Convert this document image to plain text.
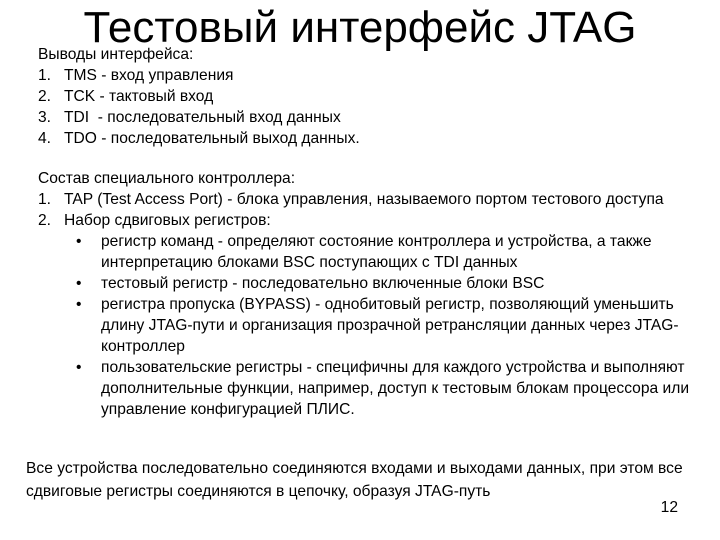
Тестовый интерфейс JTAG
Выводы интерфейса:
1. TMS - вход управления
2. TCK - тактовый вход
3. TDI  - последовательный вход данных
4. TDO - последовательный выход данных.
Состав специального контроллера:
1. TAP (Test Access Port) - блока управления, называемого портом тестового доступа
2. Набор сдвиговых регистров:
• регистр команд - определяют состояние контроллера и устройства, а также интерпретацию блоками BSC поступающих с TDI данных
• тестовый регистр - последовательно включенные блоки BSC
• регистра пропуска (BYPASS) - однобитовый регистр, позволяющий уменьшить длину JTAG-пути и организация прозрачной ретрансляции данных через JTAG-контроллер
• пользовательские регистры - специфичны для каждого устройства и выполняют дополнительные функции, например, доступ к тестовым блокам процессора или управление конфигурацией ПЛИС.
Все устройства последовательно соединяются входами и выходами данных, при этом все сдвиговые регистры соединяются в цепочку, образуя JTAG-путь
12
